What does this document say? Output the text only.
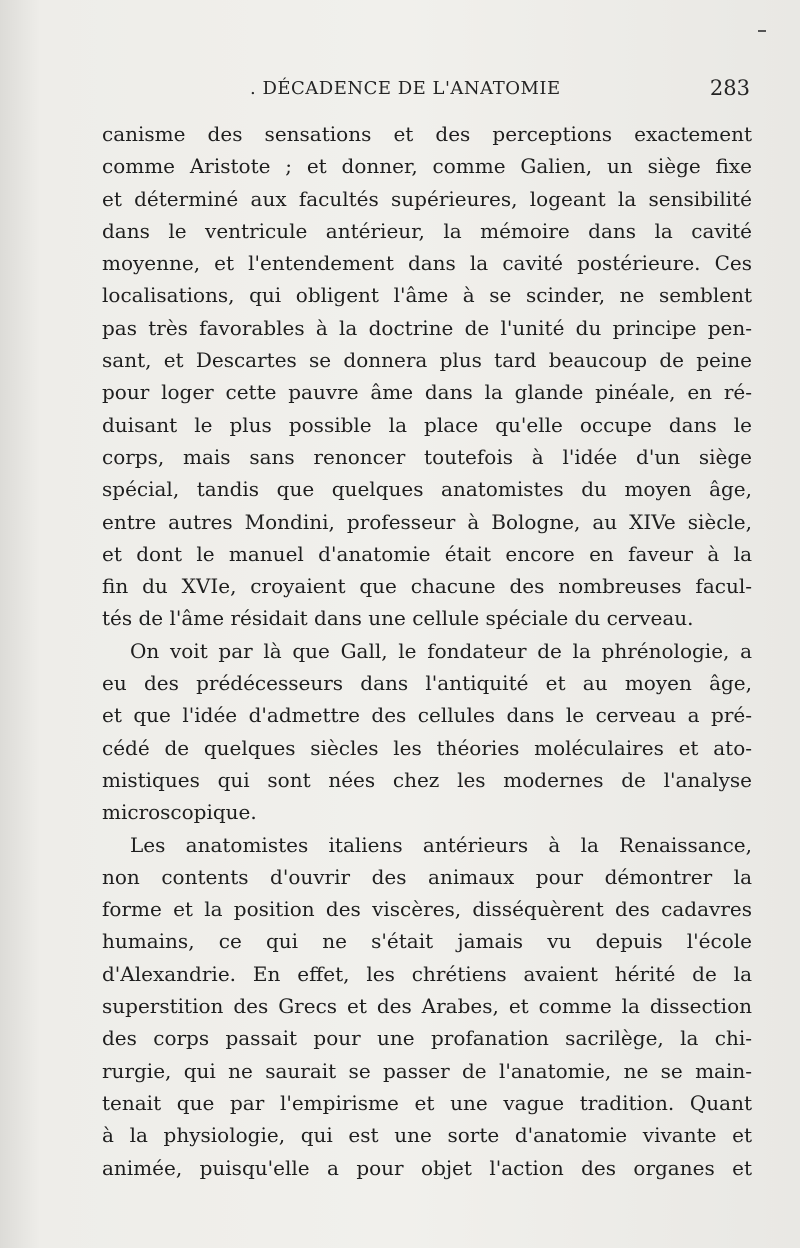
. DÉCADENCE DE L'ANATOMIE	283
canisme des sensations et des perceptions exactement
comme Aristote ; et donner, comme Galien, un siège fixe
et déterminé aux facultés supérieures, logeant la sensibilité
dans le ventricule antérieur, la mémoire dans la cavité
moyenne, et l'entendement dans la cavité postérieure. Ces
localisations, qui obligent l'âme à se scinder, ne semblent
pas très favorables à la doctrine de l'unité du principe pen-
sant, et Descartes se donnera plus tard beaucoup de peine
pour loger cette pauvre âme dans la glande pinéale, en ré-
duisant le plus possible la place qu'elle occupe dans le
corps, mais sans renoncer toutefois à l'idée d'un siège
spécial, tandis que quelques anatomistes du moyen âge,
entre autres Mondini, professeur à Bologne, au XIVe siècle,
et dont le manuel d'anatomie était encore en faveur à la
fin du XVIe, croyaient que chacune des nombreuses facul-
tés de l'âme résidait dans une cellule spéciale du cerveau.
On voit par là que Gall, le fondateur de la phrénologie, a
eu des prédécesseurs dans l'antiquité et au moyen âge,
et que l'idée d'admettre des cellules dans le cerveau a pré-
cédé de quelques siècles les théories moléculaires et ato-
mistiques qui sont nées chez les modernes de l'analyse
microscopique.
Les anatomistes italiens antérieurs à la Renaissance,
non contents d'ouvrir des animaux pour démontrer la
forme et la position des viscères, disséquèrent des cadavres
humains, ce qui ne s'était jamais vu depuis l'école
d'Alexandrie. En effet, les chrétiens avaient hérité de la
superstition des Grecs et des Arabes, et comme la dissection
des corps passait pour une profanation sacrilège, la chi-
rurgie, qui ne saurait se passer de l'anatomie, ne se main-
tenait que par l'empirisme et une vague tradition. Quant
à la physiologie, qui est une sorte d'anatomie vivante et
animée, puisqu'elle a pour objet l'action des organes et
